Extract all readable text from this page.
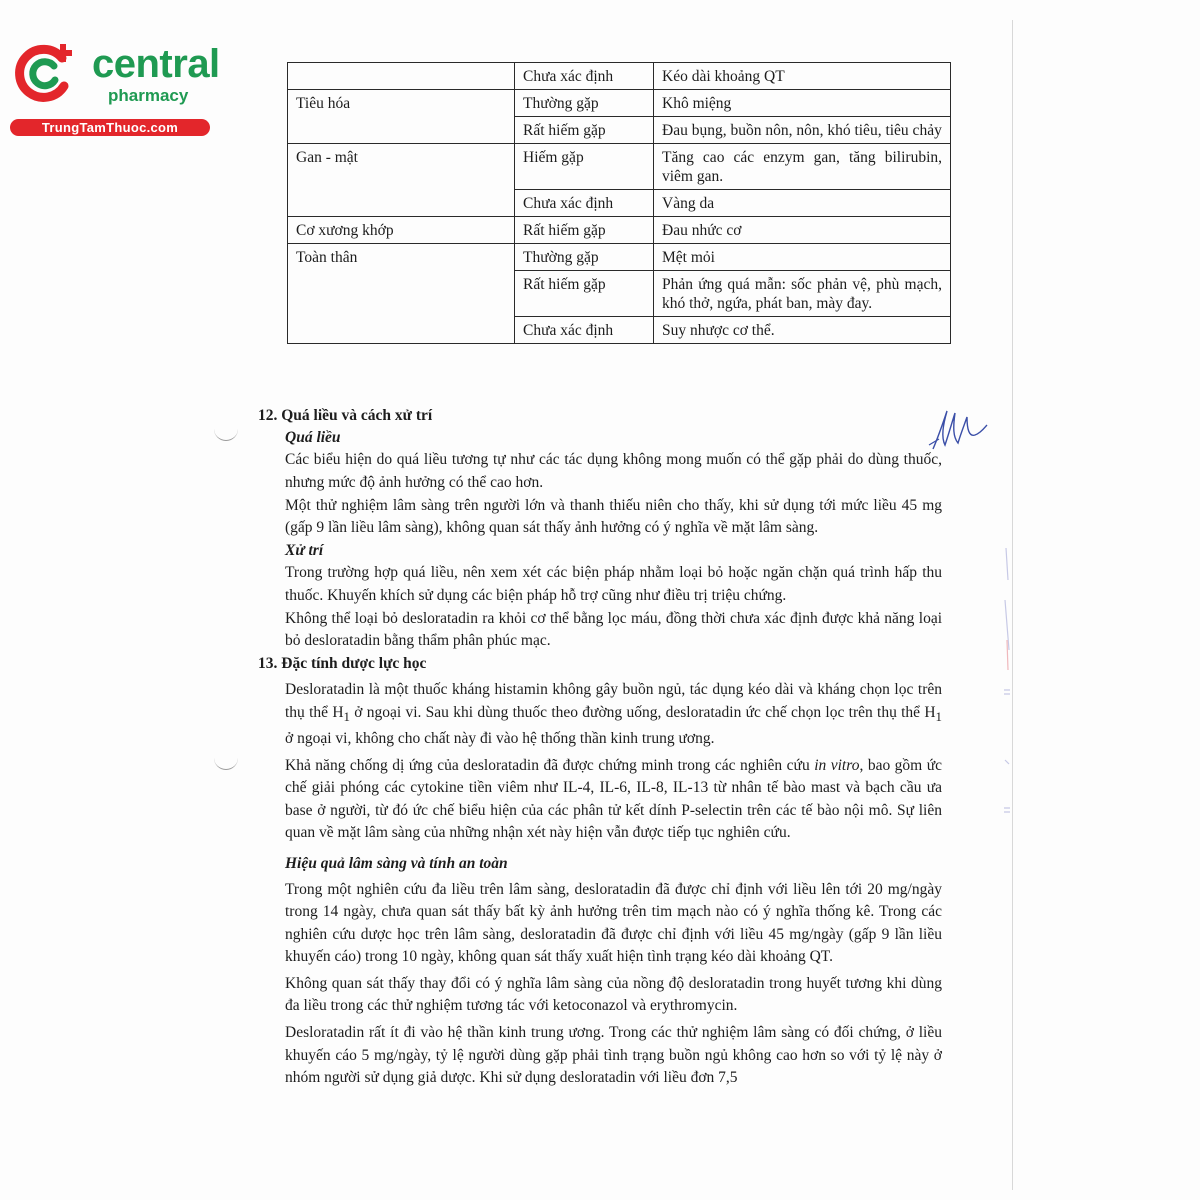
central
pharmacy
TrungTamThuoc.com
	Chưa xác định	Kéo dài khoảng QT
Tiêu hóa	Thường gặp	Khô miệng
	Rất hiếm gặp	Đau bụng, buồn nôn, nôn, khó tiêu, tiêu chảy
Gan - mật	Hiếm gặp	Tăng cao các enzym gan, tăng bilirubin, viêm gan.
	Chưa xác định	Vàng da
Cơ xương khớp	Rất hiếm gặp	Đau nhức cơ
Toàn thân	Thường gặp	Mệt mỏi
	Rất hiếm gặp	Phản ứng quá mẫn: sốc phản vệ, phù mạch, khó thở, ngứa, phát ban, mày đay.
	Chưa xác định	Suy nhược cơ thể.

12. Quá liều và cách xử trí

Quá liều

Các biểu hiện do quá liều tương tự như các tác dụng không mong muốn có thể gặp phải do dùng thuốc, nhưng mức độ ảnh hưởng có thể cao hơn.

Một thử nghiệm lâm sàng trên người lớn và thanh thiếu niên cho thấy, khi sử dụng tới mức liều 45 mg (gấp 9 lần liều lâm sàng), không quan sát thấy ảnh hưởng có ý nghĩa về mặt lâm sàng.

Xử trí

Trong trường hợp quá liều, nên xem xét các biện pháp nhằm loại bỏ hoặc ngăn chặn quá trình hấp thu thuốc. Khuyến khích sử dụng các biện pháp hỗ trợ cũng như điều trị triệu chứng.

Không thể loại bỏ desloratadin ra khỏi cơ thể bằng lọc máu, đồng thời chưa xác định được khả năng loại bỏ desloratadin bằng thẩm phân phúc mạc.

13. Đặc tính dược lực học

Desloratadin là một thuốc kháng histamin không gây buồn ngủ, tác dụng kéo dài và kháng chọn lọc trên thụ thể $H_1$ ở ngoại vi. Sau khi dùng thuốc theo đường uống, desloratadin ức chế chọn lọc trên thụ thể $H_1$ ở ngoại vi, không cho chất này đi vào hệ thống thần kinh trung ương.

Khả năng chống dị ứng của desloratadin đã được chứng minh trong các nghiên cứu in vitro, bao gồm ức chế giải phóng các cytokine tiền viêm như IL-4, IL-6, IL-8, IL-13 từ nhân tế bào mast và bạch cầu ưa base ở người, từ đó ức chế biểu hiện của các phân tử kết dính P-selectin trên các tế bào nội mô. Sự liên quan về mặt lâm sàng của những nhận xét này hiện vẫn được tiếp tục nghiên cứu.

Hiệu quả lâm sàng và tính an toàn

Trong một nghiên cứu đa liều trên lâm sàng, desloratadin đã được chỉ định với liều lên tới 20 mg/ngày trong 14 ngày, chưa quan sát thấy bất kỳ ảnh hưởng trên tim mạch nào có ý nghĩa thống kê. Trong các nghiên cứu dược học trên lâm sàng, desloratadin đã được chỉ định với liều 45 mg/ngày (gấp 9 lần liều khuyến cáo) trong 10 ngày, không quan sát thấy xuất hiện tình trạng kéo dài khoảng QT.

Không quan sát thấy thay đổi có ý nghĩa lâm sàng của nồng độ desloratadin trong huyết tương khi dùng đa liều trong các thử nghiệm tương tác với ketoconazol và erythromycin.

Desloratadin rất ít đi vào hệ thần kinh trung ương. Trong các thử nghiệm lâm sàng có đối chứng, ở liều khuyến cáo 5 mg/ngày, tỷ lệ người dùng gặp phải tình trạng buồn ngủ không cao hơn so với tỷ lệ này ở nhóm người sử dụng giả dược. Khi sử dụng desloratadin với liều đơn 7,5
